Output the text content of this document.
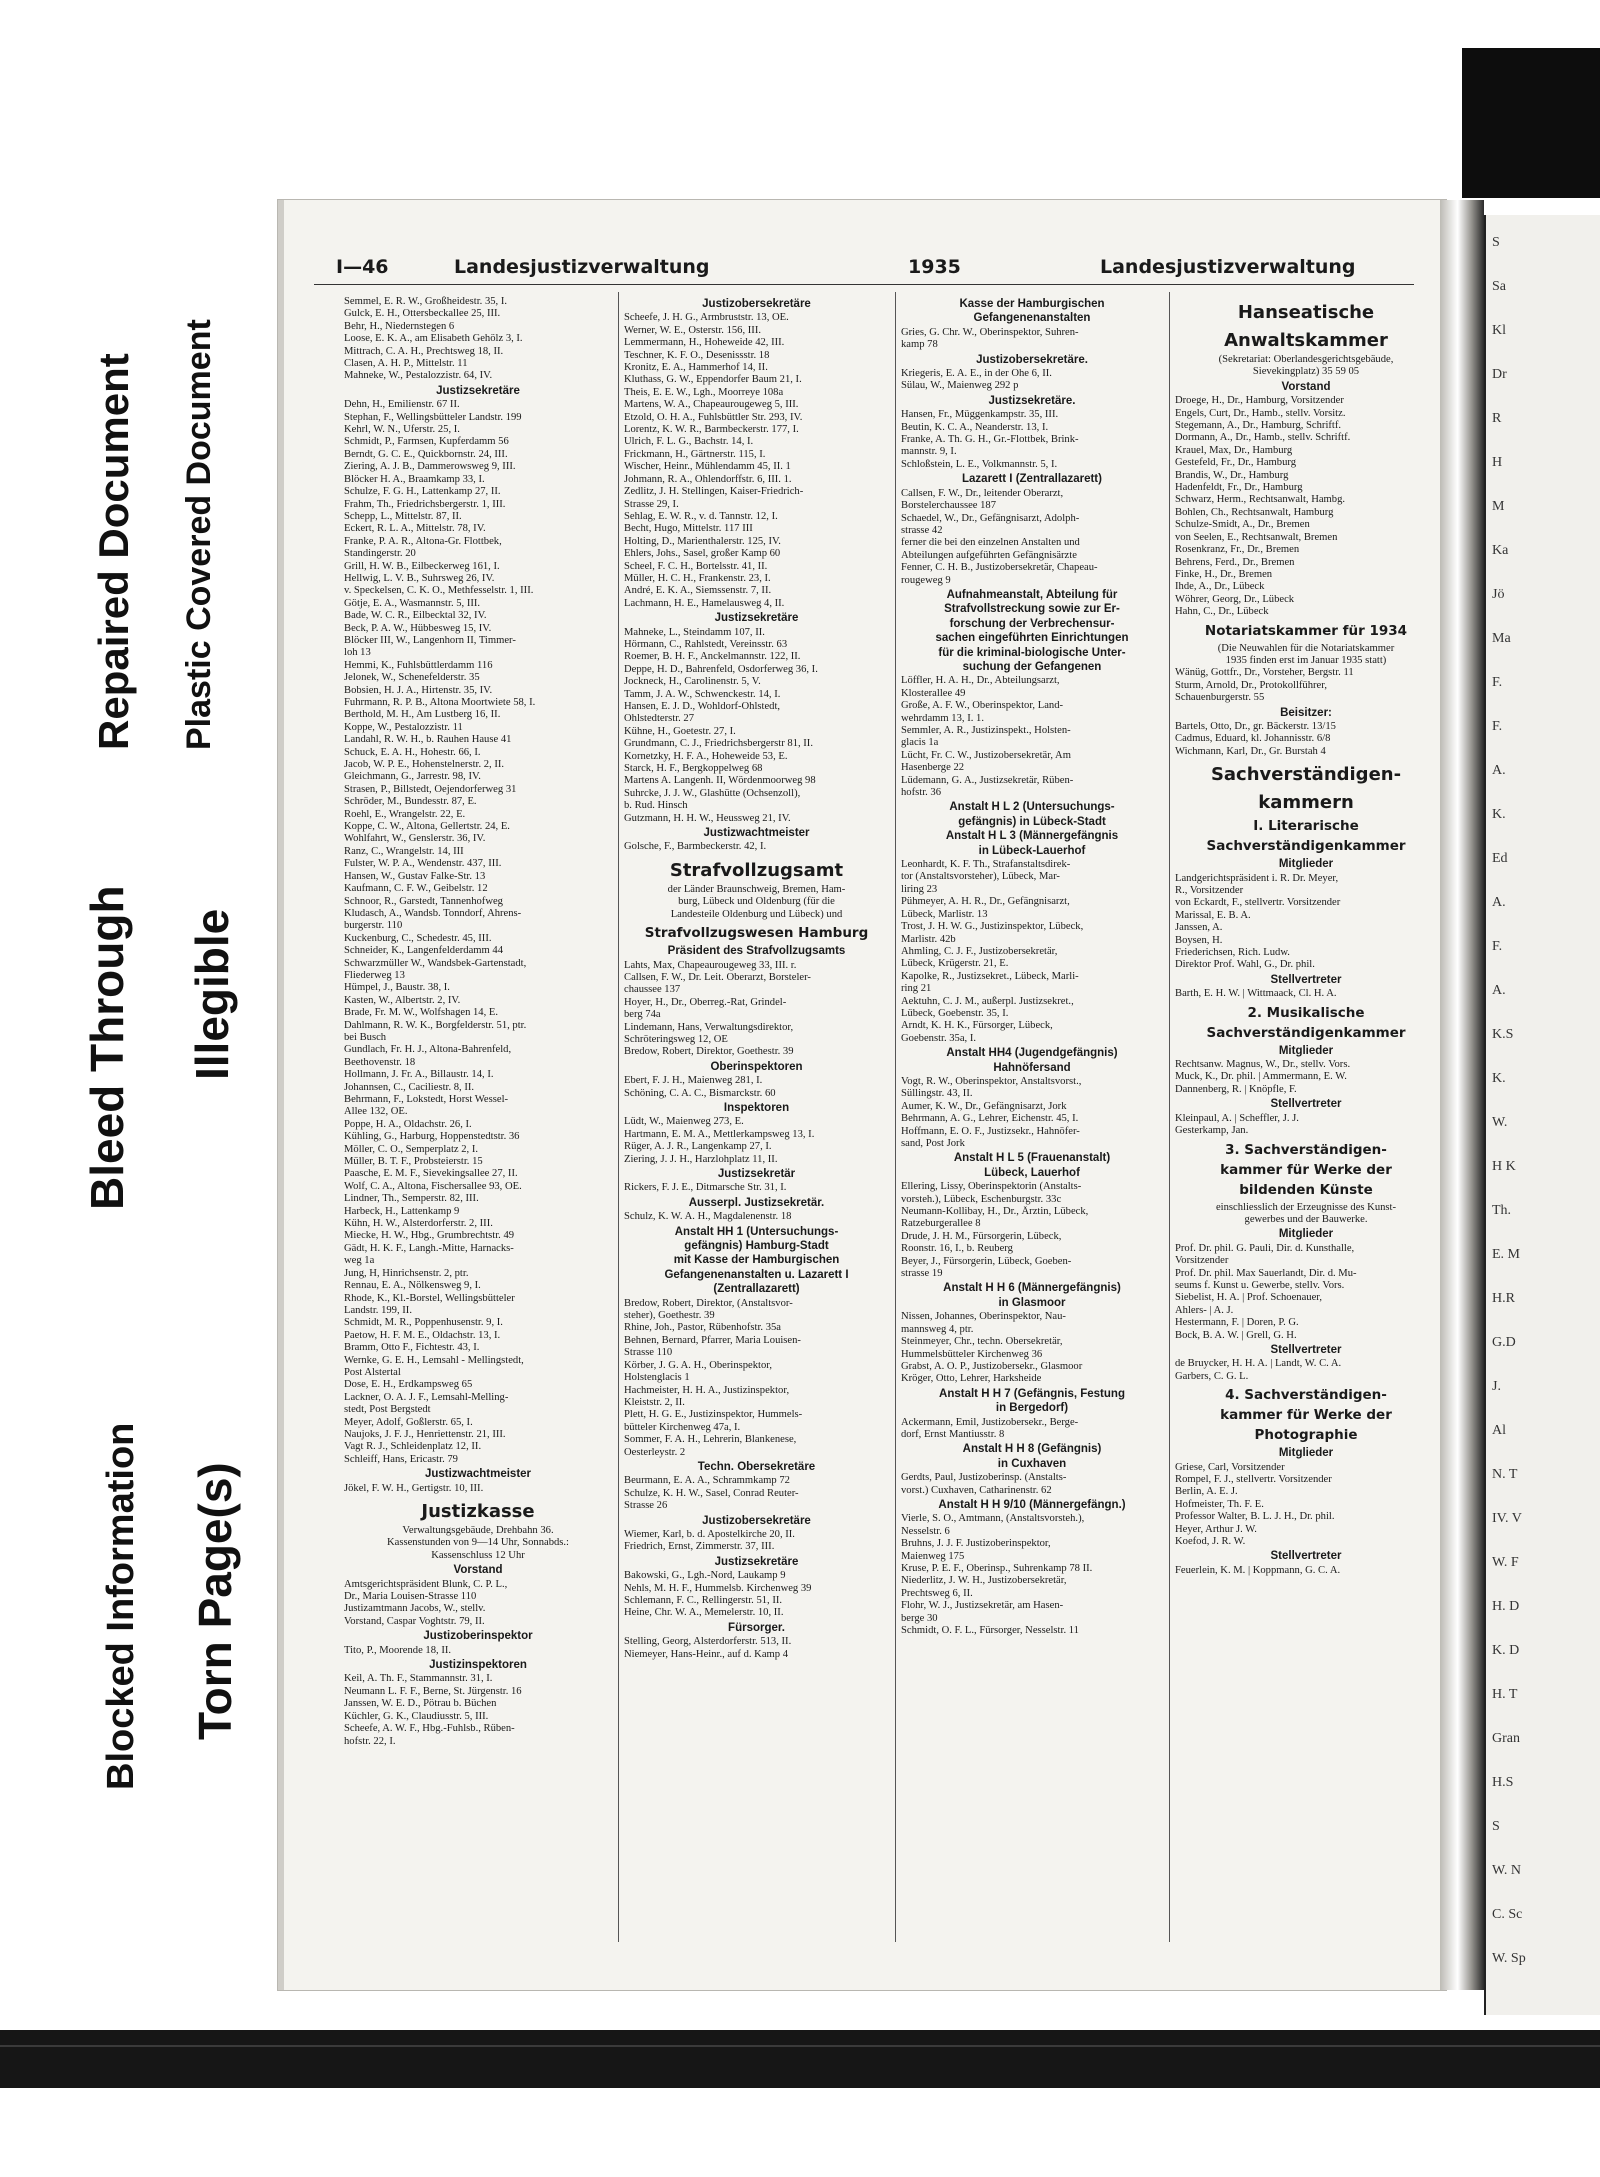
Bleed Through
Repaired Document Plastic Covered Document
Illegible
Blocked Information Torn Page(s)
I—46	Landesjustizverwaltung	1935	Landesjustizverwaltung
Semmel, E. R. W., Großheidestr. 35, I.
Gulck, E. H., Ottersbeckallee 25, III.
Behr, H., Niedernstegen 6
Loose, E. K. A., am Elisabeth Gehölz 3, I.
Mittrach, C. A. H., Prechtsweg 18, II.
Clasen, A. H. P., Mittelstr. 11
Mahneke, W., Pestalozzistr. 64, IV.
Justizsekretäre
Dehn, H., Emilienstr. 67 II.
Stephan, F., Wellingsbütteler Landstr. 199
Kehrl, W. N., Uferstr. 25, I.
Schmidt, P., Farmsen, Kupferdamm 56
Berndt, G. C. E., Quickbornstr. 24, III.
Ziering, A. J. B., Dammerowsweg 9, III.
Blöcker H. A., Braamkamp 33, I.
Schulze, F. G. H., Lattenkamp 27, II.
Frahm, Th., Friedrichsbergerstr. 1, III.
Schepp, L., Mittelstr. 87, II.
Eckert, R. L. A., Mittelstr. 78, IV.
Franke, P. A. R., Altona-Gr. Flottbek,
Standingerstr. 20
Grill, H. W. B., Eilbeckerweg 161, I.
Hellwig, L. V. B., Suhrsweg 26, IV.
v. Speckelsen, C. K. O., Methfesselstr. 1, III.
Götje, E. A., Wasmannstr. 5, III.
Bade, W. C. R., Eilbecktal 32, IV.
Beck, P. A. W., Hübbesweg 15, IV.
Blöcker III, W., Langenhorn II, Timmer-
loh 13
Hemmi, K., Fuhlsbüttlerdamm 116
Jelonek, W., Schenefelderstr. 35
Bobsien, H. J. A., Hirtenstr. 35, IV.
Fuhrmann, R. P. B., Altona Moortwiete 58, I.
Berthold, M. H., Am Lustberg 16, II.
Koppe, W., Pestalozzistr. 11
Landahl, R. W. H., b. Rauhen Hause 41
Schuck, E. A. H., Hohestr. 66, I.
Jacob, W. P. E., Hohenstelnerstr. 2, II.
Gleichmann, G., Jarrestr. 98, IV.
Strasen, P., Billstedt, Oejendorferweg 31
Schröder, M., Bundesstr. 87, E.
Roehl, E., Wrangelstr. 22, E.
Koppe, C. W., Altona, Gellertstr. 24, E.
Wohlfahrt, W., Genslerstr. 36, IV.
Ranz, C., Wrangelstr. 14, III
Fulster, W. P. A., Wendenstr. 437, III.
Hansen, W., Gustav Falke-Str. 13
Kaufmann, C. F. W., Geibelstr. 12
Schnoor, R., Garstedt, Tannenhofweg
Kludasch, A., Wandsb. Tonndorf, Ahrens-
burgerstr. 110
Kuckenburg, C., Schedestr. 45, III.
Schneider, K., Langenfelderdamm 44
Schwarzmüller W., Wandsbek-Gartenstadt,
Fliederweg 13
Hümpel, J., Baustr. 38, I.
Kasten, W., Albertstr. 2, IV.
Brade, Fr. M. W., Wolfshagen 14, E.
Dahlmann, R. W. K., Borgfelderstr. 51, ptr.
bei Busch
Gundlach, Fr. H. J., Altona-Bahrenfeld,
Beethovenstr. 18
Hollmann, J. Fr. A., Billaustr. 14, I.
Johannsen, C., Caciliestr. 8, II.
Behrmann, F., Lokstedt, Horst Wessel-
Allee 132, OE.
Poppe, H. A., Oldachstr. 26, I.
Kühling, G., Harburg, Hoppenstedtstr. 36
Möller, C. O., Semperplatz 2, I.
Müller, B. T. F., Probsteierstr. 15
Paasche, E. M. F., Sievekingsallee 27, II.
Wolf, C. A., Altona, Fischersallee 93, OE.
Lindner, Th., Semperstr. 82, III.
Harbeck, H., Lattenkamp 9
Kühn, H. W., Alsterdorferstr. 2, III.
Miecke, H. W., Hbg., Grumbrechtstr. 49
Gädt, H. K. F., Langh.-Mitte, Harnacks-
weg 1a
Jung, H, Hinrichsenstr. 2, ptr.
Rennau, E. A., Nölkensweg 9, I.
Rhode, K., Kl.-Borstel, Wellingsbütteler
Landstr. 199, II.
Schmidt, M. R., Poppenhusenstr. 9, I.
Paetow, H. F. M. E., Oldachstr. 13, I.
Bramm, Otto F., Fichtestr. 43, I.
Wernke, G. E. H., Lemsahl - Mellingstedt,
Post Alstertal
Dose, E. H., Erdkampsweg 65
Lackner, O. A. J. F., Lemsahl-Melling-
stedt, Post Bergstedt
Meyer, Adolf, Goßlerstr. 65, I.
Naujoks, J. F. J., Henriettenstr. 21, III.
Vagt R. J., Schleidenplatz 12, II.
Schleiff, Hans, Ericastr. 79
Justizwachtmeister
Jökel, F. W. H., Gertigstr. 10, III.
Justizkasse
Verwaltungsgebäude, Drehbahn 36.
Kassenstunden von 9—14 Uhr, Sonnabds.:
Kassenschluss 12 Uhr
Vorstand
Amtsgerichtspräsident Blunk, C. P. L.,
Dr., Maria Louisen-Strasse 110
Justizamtmann Jacobs, W., stellv.
Vorstand, Caspar Voghtstr. 79, II.
Justizoberinspektor
Tito, P., Moorende 18, II.
Justizinspektoren
Keil, A. Th. F., Stammannstr. 31, I.
Neumann L. F. F., Berne, St. Jürgenstr. 16
Janssen, W. E. D., Pötrau b. Büchen
Küchler, G. K., Claudiusstr. 5, III.
Scheefe, A. W. F., Hbg.-Fuhlsb., Rüben-
hofstr. 22, I.
Justizobersekretäre
Scheefe, J. H. G., Armbruststr. 13, OE.
Werner, W. E., Osterstr. 156, III.
Lemmermann, H., Hoheweide 42, III.
Teschner, K. F. O., Desenissstr. 18
Kronitz, E. A., Hammerhof 14, II.
Kluthass, G. W., Eppendorfer Baum 21, I.
Theis, E. E. W., Lgh., Moorreye 108a
Martens, W. A., Chapeaurougeweg 5, III.
Etzold, O. H. A., Fuhlsbüttler Str. 293, IV.
Lorentz, K. W. R., Barmbeckerstr. 177, I.
Ulrich, F. L. G., Bachstr. 14, I.
Frickmann, H., Gärtnerstr. 115, I.
Wischer, Heinr., Mühlendamm 45, II. 1
Johmann, R. A., Ohlendorffstr. 6, III. 1.
Zedlitz, J. H. Stellingen, Kaiser-Friedrich-
Strasse 29, I.
Sehlag, E. W. R., v. d. Tannstr. 12, I.
Becht, Hugo, Mittelstr. 117 III
Holting, D., Marienthalerstr. 125, IV.
Ehlers, Johs., Sasel, großer Kamp 60
Scheel, F. C. H., Bortelsstr. 41, II.
Müller, H. C. H., Frankenstr. 23, I.
André, E. K. A., Siemssenstr. 7, II.
Lachmann, H. E., Hamelausweg 4, II.
Justizsekretäre
Mahneke, L., Steindamm 107, II.
Hörmann, C., Rahlstedt, Vereinsstr. 63
Roemer, B. H. F., Anckelmannstr. 122, II.
Deppe, H. D., Bahrenfeld, Osdorferweg 36, I.
Jockneck, H., Carolinenstr. 5, V.
Tamm, J. A. W., Schwenckestr. 14, I.
Hansen, E. J. D., Wohldorf-Ohlstedt,
Ohlstedterstr. 27
Kühne, H., Goetestr. 27, I.
Grundmann, C. J., Friedrichsbergerstr 81, II.
Kornetzky, H. F. A., Hoheweide 53, E.
Starck, H. F., Bergkoppelweg 68
Martens A. Langenh. II, Wördenmoorweg 98
Suhrcke, J. J. W., Glashütte (Ochsenzoll),
b. Rud. Hinsch
Gutzmann, H. H. W., Heussweg 21, IV.
Justizwachtmeister
Golsche, F., Barmbeckerstr. 42, I.
Strafvollzugsamt
der Länder Braunschweig, Bremen, Ham-
burg, Lübeck und Oldenburg (für die
Landesteile Oldenburg und Lübeck) und
Strafvollzugswesen Hamburg
Präsident des Strafvollzugsamts
Lahts, Max, Chapeaurougeweg 33, III. r.
Callsen, F. W., Dr. Leit. Oberarzt, Borsteler-
chaussee 137
Hoyer, H., Dr., Oberreg.-Rat, Grindel-
berg 74a
Lindemann, Hans, Verwaltungsdirektor,
Schröteringsweg 12, OE
Bredow, Robert, Direktor, Goethestr. 39
Oberinspektoren
Ebert, F. J. H., Maienweg 281, I.
Schöning, C. A. C., Bismarckstr. 60
Inspektoren
Lüdt, W., Maienweg 273, E.
Hartmann, E. M. A., Mettlerkampsweg 13, I.
Rüger, A. J. R., Langenkamp 27, I.
Ziering, J. J. H., Harzlohplatz 11, II.
Justizsekretär
Rickers, F. J. E., Ditmarsche Str. 31, I.
Ausserpl. Justizsekretär.
Schulz, K. W. A. H., Magdalenenstr. 18
Anstalt HH 1 (Untersuchungs-
gefängnis) Hamburg-Stadt
mit Kasse der Hamburgischen
Gefangenenanstalten u. Lazarett I
(Zentrallazarett)
Bredow, Robert, Direktor, (Anstaltsvor-
steher), Goethestr. 39
Rhine, Joh., Pastor, Rübenhofstr. 35a
Behnen, Bernard, Pfarrer, Maria Louisen-
Strasse 110
Körber, J. G. A. H., Oberinspektor,
Holstenglacis 1
Hachmeister, H. H. A., Justizinspektor,
Kleiststr. 2, II.
Plett, H. G. E., Justizinspektor, Hummels-
bütteler Kirchenweg 47a, I.
Sommer, F. A. H., Lehrerin, Blankenese,
Oesterleystr. 2
Techn. Obersekretäre
Beurmann, E. A. A., Schrammkamp 72
Schulze, K. H. W., Sasel, Conrad Reuter-
Strasse 26
Justizobersekretäre
Wiemer, Karl, b. d. Apostelkirche 20, II.
Friedrich, Ernst, Zimmerstr. 37, III.
Justizsekretäre
Bakowski, G., Lgh.-Nord, Laukamp 9
Nehls, M. H. F., Hummelsb. Kirchenweg 39
Schlemann, F. C., Rellingerstr. 51, II.
Heine, Chr. W. A., Memelerstr. 10, II.
Fürsorger.
Stelling, Georg, Alsterdorferstr. 513, II.
Niemeyer, Hans-Heinr., auf d. Kamp 4
Kasse der Hamburgischen
Gefangenenanstalten
Gries, G. Chr. W., Oberinspektor, Suhren-
kamp 78
Justizobersekretäre.
Kriegeris, E. A. E., in der Ohe 6, II.
Sülau, W., Maienweg 292 p
Justizsekretäre.
Hansen, Fr., Müggenkampstr. 35, III.
Beutin, K. C. A., Neanderstr. 13, I.
Franke, A. Th. G. H., Gr.-Flottbek, Brink-
mannstr. 9, I.
Schloßstein, L. E., Volkmannstr. 5, I.
Lazarett I (Zentrallazarett)
Callsen, F. W., Dr., leitender Oberarzt,
Borstelerchaussee 187
Schaedel, W., Dr., Gefängnisarzt, Adolph-
strasse 42
ferner die bei den einzelnen Anstalten und
Abteilungen aufgeführten Gefängnisärzte
Fenner, C. H. B., Justizobersekretär, Chapeau-
rougeweg 9
Aufnahmeanstalt, Abteilung für
Strafvollstreckung sowie zur Er-
forschung der Verbrechensur-
sachen eingeführten Einrichtungen
für die kriminal-biologische Unter-
suchung der Gefangenen
Löffler, H. A. H., Dr., Abteilungsarzt,
Klosterallee 49
Große, A. F. W., Oberinspektor, Land-
wehrdamm 13, I. 1.
Semmler, A. R., Justizinspekt., Holsten-
glacis 1a
Lücht, Fr. C. W., Justizobersekretär, Am
Hasenberge 22
Lüdemann, G. A., Justizsekretär, Rüben-
hofstr. 36
Anstalt H L 2 (Untersuchungs-
gefängnis) in Lübeck-Stadt
Anstalt H L 3 (Männergefängnis
in Lübeck-Lauerhof
Leonhardt, K. F. Th., Strafanstaltsdirek-
tor (Anstaltsvorsteher), Lübeck, Mar-
liring 23
Pühmeyer, A. H. R., Dr., Gefängnisarzt,
Lübeck, Marlistr. 13
Trost, J. H. W. G., Justizinspektor, Lübeck,
Marlistr. 42b
Ahmling, C. J. F., Justizobersekretär,
Lübeck, Krügerstr. 21, E.
Kapolke, R., Justizsekret., Lübeck, Marli-
ring 21
Aektuhn, C. J. M., außerpl. Justizsekret.,
Lübeck, Goebenstr. 35, I.
Arndt, K. H. K., Fürsorger, Lübeck,
Goebenstr. 35a, I.
Anstalt HH4 (Jugendgefängnis)
Hahnöfersand
Vogt, R. W., Oberinspektor, Anstaltsvorst.,
Süllingstr. 43, II.
Aumer, K. W., Dr., Gefängnisarzt, Jork
Behrmann, A. G., Lehrer, Eichenstr. 45, I.
Hoffmann, E. O. F., Justizsekr., Hahnöfer-
sand, Post Jork
Anstalt H L 5 (Frauenanstalt)
Lübeck, Lauerhof
Ellering, Lissy, Oberinspektorin (Anstalts-
vorsteh.), Lübeck, Eschenburgstr. 33c
Neumann-Kollibay, H., Dr., Ärztin, Lübeck,
Ratzeburgerallee 8
Drude, J. H. M., Fürsorgerin, Lübeck,
Roonstr. 16, I., b. Reuberg
Beyer, J., Fürsorgerin, Lübeck, Goeben-
strasse 19
Anstalt H H 6 (Männergefängnis)
in Glasmoor
Nissen, Johannes, Oberinspektor, Nau-
mannsweg 4, ptr.
Steinmeyer, Chr., techn. Obersekretär,
Hummelsbütteler Kirchenweg 36
Grabst, A. O. P., Justizobersekr., Glasmoor
Kröger, Otto, Lehrer, Harksheide
Anstalt H H 7 (Gefängnis, Festung
in Bergedorf)
Ackermann, Emil, Justizobersekr., Berge-
dorf, Ernst Mantiusstr. 8
Anstalt H H 8 (Gefängnis)
in Cuxhaven
Gerdts, Paul, Justizoberinsp. (Anstalts-
vorst.) Cuxhaven, Catharinenstr. 62
Anstalt H H 9/10 (Männergefängn.)
Vierle, S. O., Amtmann, (Anstaltsvorsteh.),
Nesselstr. 6
Bruhns, J. J. F. Justizoberinspektor,
Maienweg 175
Kruse, P. E. F., Oberinsp., Suhrenkamp 78 II.
Niederlitz, J. W. H., Justizobersekretär,
Prechtsweg 6, II.
Flohr, W. J., Justizsekretär, am Hasen-
berge 30
Schmidt, O. F. L., Fürsorger, Nesselstr. 11
Hanseatische
Anwaltskammer
(Sekretariat: Oberlandesgerichtsgebäude,
Sievekingplatz) 35 59 05
Vorstand
Droege, H., Dr., Hamburg, Vorsitzender
Engels, Curt, Dr., Hamb., stellv. Vorsitz.
Stegemann, A., Dr., Hamburg, Schriftf.
Dormann, A., Dr., Hamb., stellv. Schriftf.
Krauel, Max, Dr., Hamburg
Gestefeld, Fr., Dr., Hamburg
Brandis, W., Dr., Hamburg
Hadenfeldt, Fr., Dr., Hamburg
Schwarz, Herm., Rechtsanwalt, Hambg.
Bohlen, Ch., Rechtsanwalt, Hamburg
Schulze-Smidt, A., Dr., Bremen
von Seelen, E., Rechtsanwalt, Bremen
Rosenkranz, Fr., Dr., Bremen
Behrens, Ferd., Dr., Bremen
Finke, H., Dr., Bremen
Ihde, A., Dr., Lübeck
Wöhrer, Georg, Dr., Lübeck
Hahn, C., Dr., Lübeck
Notariatskammer für 1934
(Die Neuwahlen für die Notariatskammer
1935 finden erst im Januar 1935 statt)
Wänüg, Gottfr., Dr., Vorsteher, Bergstr. 11
Sturm, Arnold, Dr., Protokollführer,
Schauenburgerstr. 55
Beisitzer:
Bartels, Otto, Dr., gr. Bäckerstr. 13/15
Cadmus, Eduard, kl. Johannisstr. 6/8
Wichmann, Karl, Dr., Gr. Burstah 4
Sachverständigen-
kammern
I. Literarische
Sachverständigenkammer
Mitglieder
Landgerichtspräsident i. R. Dr. Meyer,
R., Vorsitzender
von Eckardt, F., stellvertr. Vorsitzender
Marissal, E. B. A.
Janssen, A.
Boysen, H.
Friederichsen, Rich. Ludw.
Direktor Prof. Wahl, G., Dr. phil.
Stellvertreter
Barth, E. H. W. | Wittmaack, Cl. H. A.
2. Musikalische
Sachverständigenkammer
Mitglieder
Rechtsanw. Magnus, W., Dr., stellv. Vors.
Muck, K., Dr. phil. | Ammermann, E. W.
Dannenberg, R. | Knöpfle, F.
Stellvertreter
Kleinpaul, A. | Scheffler, J. J.
Gesterkamp, Jan.
3. Sachverständigen-
kammer für Werke der
bildenden Künste
einschliesslich der Erzeugnisse des Kunst-
gewerbes und der Bauwerke.
Mitglieder
Prof. Dr. phil. G. Pauli, Dir. d. Kunsthalle,
Vorsitzender
Prof. Dr. phil. Max Sauerlandt, Dir. d. Mu-
seums f. Kunst u. Gewerbe, stellv. Vors.
Siebelist, H. A. | Prof. Schoenauer,
Ahlers- | A. J.
Hestermann, F. | Doren, P. G.
Bock, B. A. W. | Grell, G. H.
Stellvertreter
de Bruycker, H. H. A. | Landt, W. C. A.
Garbers, C. G. L.
4. Sachverständigen-
kammer für Werke der
Photographie
Mitglieder
Griese, Carl, Vorsitzender
Rompel, F. J., stellvertr. Vorsitzender
Berlin, A. E. J.
Hofmeister, Th. F. E.
Professor Walter, B. L. J. H., Dr. phil.
Heyer, Arthur J. W.
Koefod, J. R. W.
Stellvertreter
Feuerlein, K. M. | Koppmann, G. C. A.
S
Sa
Kl
Dr
R
H
M
Ka
Jö
Ma
F.
F.
A.
K.
Ed
A.
F.
A.
K.S
K.
W.
H K
Th.
E. M
H.R
G.D
J.
Al
N. T
IV. V
W. F
H. D
K. D
H. T
Gran
H.S
S
W. N
C. Sc
W. Sp
